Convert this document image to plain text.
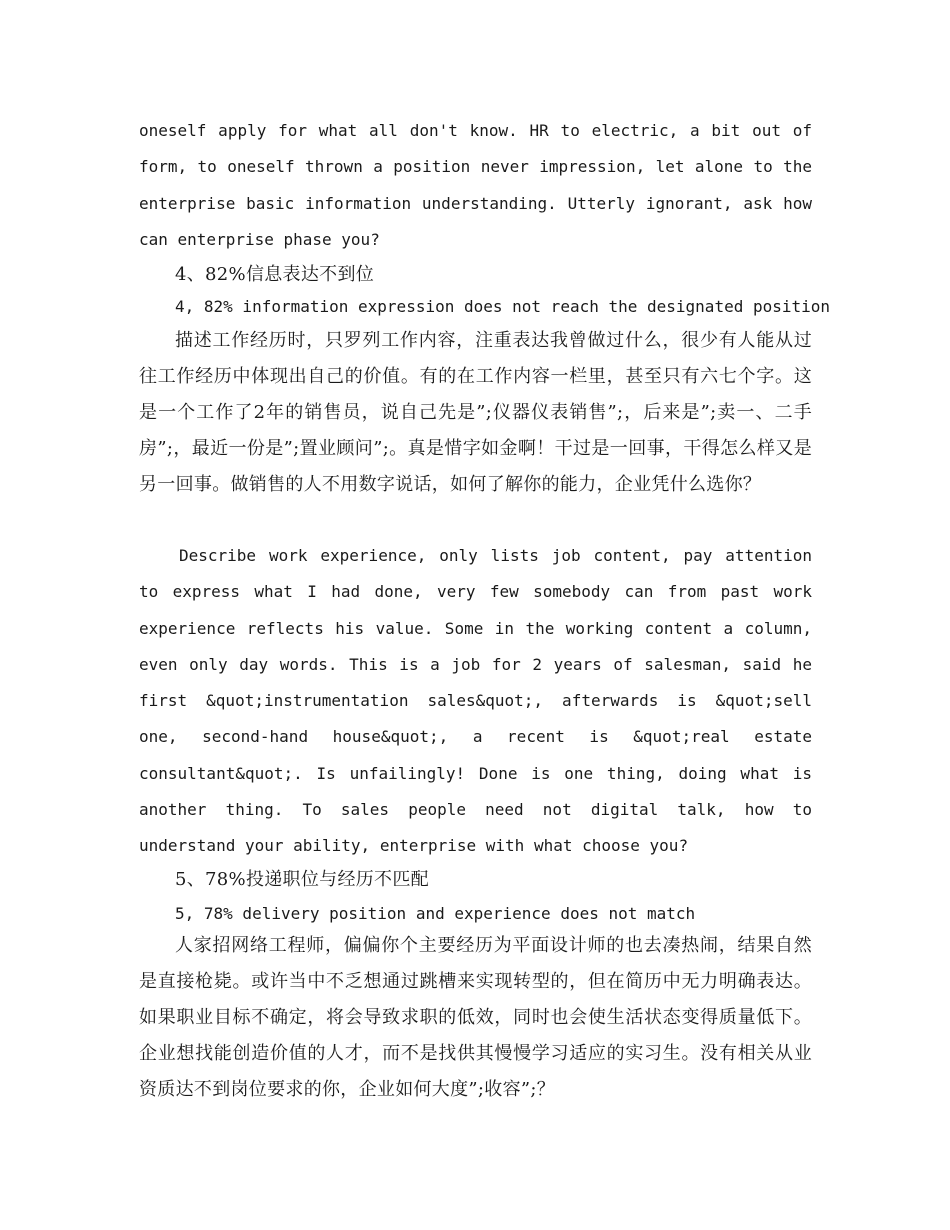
oneself apply for what all don't know. HR to electric, a bit out of form, to oneself thrown a position never impression, let alone to the enterprise basic information understanding. Utterly ignorant, ask how can enterprise phase you?

4、82%信息表达不到位

4, 82% information expression does not reach the designated position

描述工作经历时，只罗列工作内容，注重表达我曾做过什么，很少有人能从过往工作经历中体现出自己的价值。有的在工作内容一栏里，甚至只有六七个字。这是一个工作了2年的销售员，说自己先是”;仪器仪表销售”;，后来是”;卖一、二手房”;，最近一份是”;置业顾问”;。真是惜字如金啊！干过是一回事，干得怎么样又是另一回事。做销售的人不用数字说话，如何了解你的能力，企业凭什么选你？

Describe work experience, only lists job content, pay attention to express what I had done, very few somebody can from past work experience reflects his value. Some in the working content a column, even only day words. This is a job for 2 years of salesman, said he first &quot;instrumentation sales&quot;, afterwards is &quot;sell one, second-hand house&quot;, a recent is &quot;real estate consultant&quot;. Is unfailingly! Done is one thing, doing what is another thing. To sales people need not digital talk, how to understand your ability, enterprise with what choose you?

5、78%投递职位与经历不匹配

5, 78% delivery position and experience does not match

人家招网络工程师，偏偏你个主要经历为平面设计师的也去凑热闹，结果自然是直接枪毙。或许当中不乏想通过跳槽来实现转型的，但在简历中无力明确表达。如果职业目标不确定，将会导致求职的低效，同时也会使生活状态变得质量低下。企业想找能创造价值的人才，而不是找供其慢慢学习适应的实习生。没有相关从业资质达不到岗位要求的你，企业如何大度”;收容”;？
